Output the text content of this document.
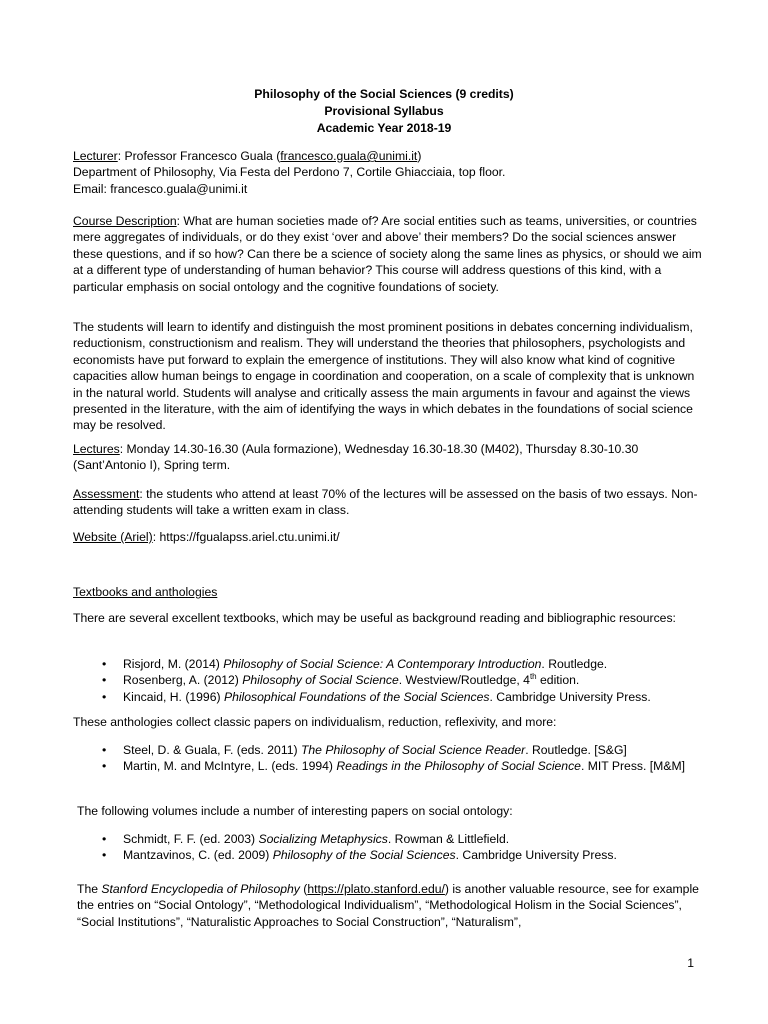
Philosophy of the Social Sciences (9 credits)
Provisional Syllabus
Academic Year 2018-19
Lecturer: Professor Francesco Guala (francesco.guala@unimi.it)
Department of Philosophy, Via Festa del Perdono 7, Cortile Ghiacciaia, top floor.
Email: francesco.guala@unimi.it
Course Description: What are human societies made of? Are social entities such as teams, universities, or countries mere aggregates of individuals, or do they exist ‘over and above’ their members? Do the social sciences answer these questions, and if so how? Can there be a science of society along the same lines as physics, or should we aim at a different type of understanding of human behavior? This course will address questions of this kind, with a particular emphasis on social ontology and the cognitive foundations of society.
The students will learn to identify and distinguish the most prominent positions in debates concerning individualism, reductionism, constructionism and realism. They will understand the theories that philosophers, psychologists and economists have put forward to explain the emergence of institutions. They will also know what kind of cognitive capacities allow human beings to engage in coordination and cooperation, on a scale of complexity that is unknown in the natural world. Students will analyse and critically assess the main arguments in favour and against the views presented in the literature, with the aim of identifying the ways in which debates in the foundations of social science may be resolved.
Lectures: Monday 14.30-16.30 (Aula formazione), Wednesday 16.30-18.30 (M402), Thursday 8.30-10.30 (Sant’Antonio I), Spring term.
Assessment: the students who attend at least 70% of the lectures will be assessed on the basis of two essays. Non-attending students will take a written exam in class.
Website (Ariel): https://fgualapss.ariel.ctu.unimi.it/
Textbooks and anthologies
There are several excellent textbooks, which may be useful as background reading and bibliographic resources:
• Risjord, M. (2014) Philosophy of Social Science: A Contemporary Introduction. Routledge.
• Rosenberg, A. (2012) Philosophy of Social Science. Westview/Routledge, 4th edition.
• Kincaid, H. (1996) Philosophical Foundations of the Social Sciences. Cambridge University Press.
These anthologies collect classic papers on individualism, reduction, reflexivity, and more:
• Steel, D. & Guala, F. (eds. 2011) The Philosophy of Social Science Reader. Routledge. [S&G]
• Martin, M. and McIntyre, L. (eds. 1994) Readings in the Philosophy of Social Science. MIT Press. [M&M]
The following volumes include a number of interesting papers on social ontology:
• Schmidt, F. F. (ed. 2003) Socializing Metaphysics. Rowman & Littlefield.
• Mantzavinos, C. (ed. 2009) Philosophy of the Social Sciences. Cambridge University Press.
The Stanford Encyclopedia of Philosophy (https://plato.stanford.edu/) is another valuable resource, see for example the entries on “Social Ontology”, “Methodological Individualism”, “Methodological Holism in the Social Sciences”, “Social Institutions”, “Naturalistic Approaches to Social Construction”, “Naturalism”,
1
